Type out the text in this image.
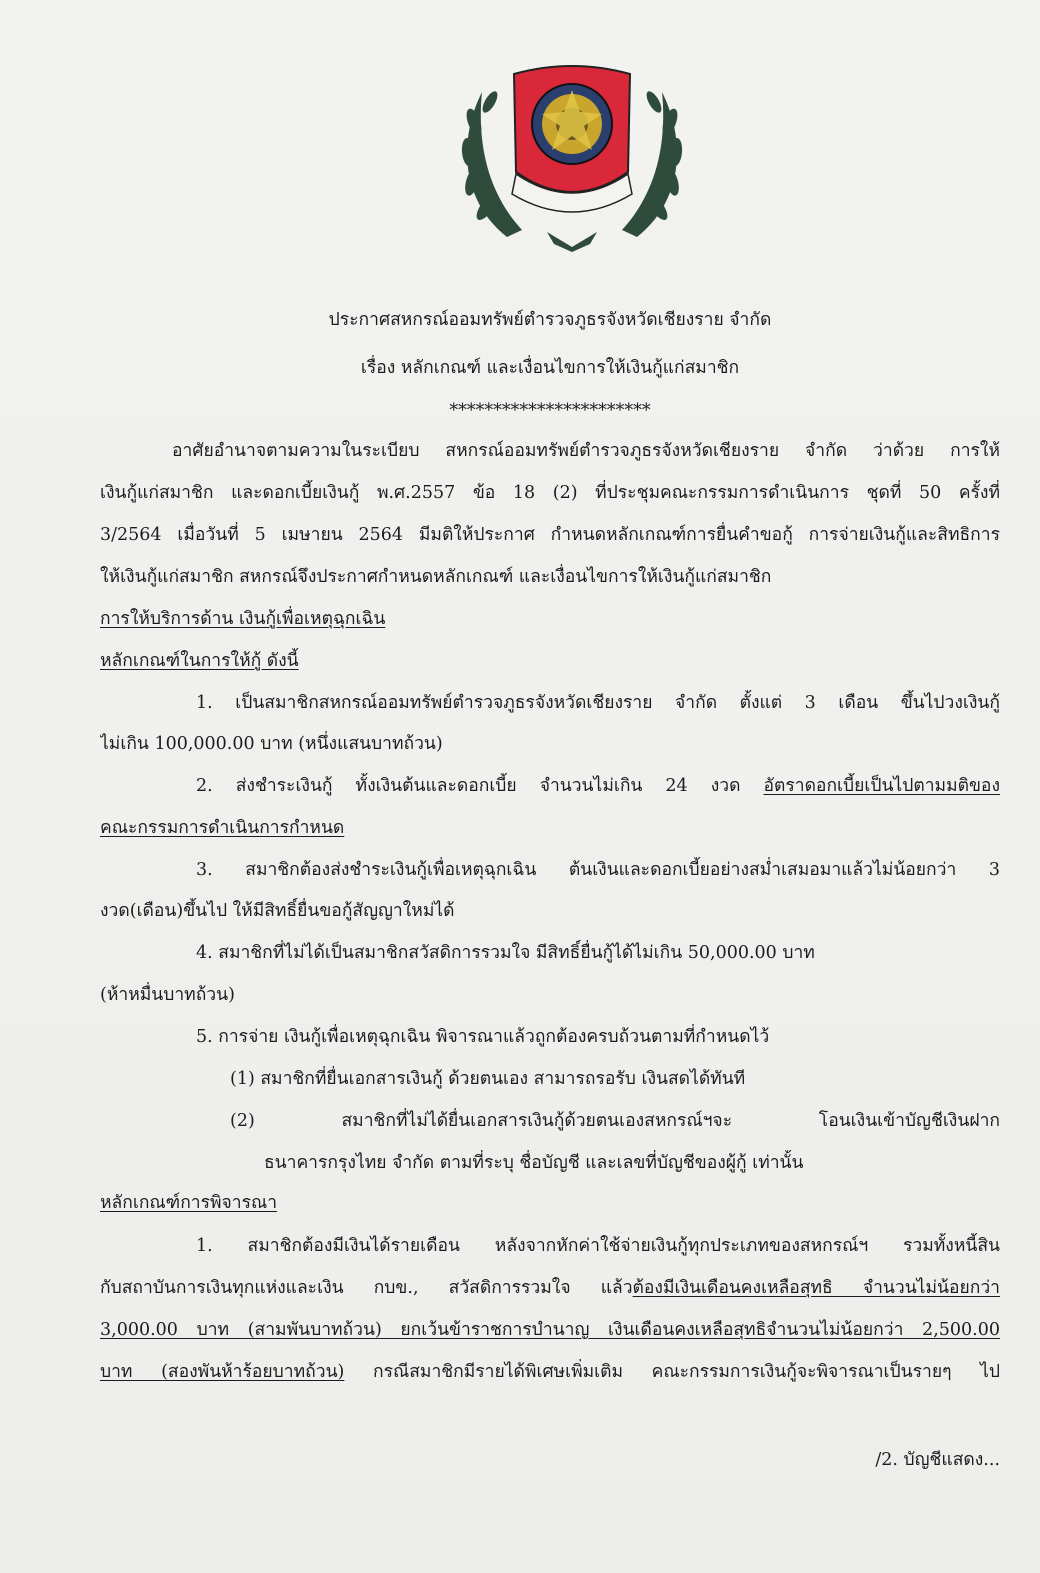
ประกาศสหกรณ์ออมทรัพย์ตำรวจภูธรจังหวัดเชียงราย จำกัด
เรื่อง หลักเกณฑ์ และเงื่อนไขการให้เงินกู้แก่สมาชิก
***********************
อาศัยอำนาจตามความในระเบียบ สหกรณ์ออมทรัพย์ตำรวจภูธรจังหวัดเชียงราย จำกัด ว่าด้วย การให้
เงินกู้แก่สมาชิก และดอกเบี้ยเงินกู้ พ.ศ.2557 ข้อ 18 (2) ที่ประชุมคณะกรรมการดำเนินการ ชุดที่ 50 ครั้งที่
3/2564 เมื่อวันที่ 5 เมษายน 2564 มีมติให้ประกาศ กำหนดหลักเกณฑ์การยื่นคำขอกู้ การจ่ายเงินกู้และสิทธิการ
ให้เงินกู้แก่สมาชิก สหกรณ์จึงประกาศกำหนดหลักเกณฑ์ และเงื่อนไขการให้เงินกู้แก่สมาชิก
การให้บริการด้าน เงินกู้เพื่อเหตุฉุกเฉิน
หลักเกณฑ์ในการให้กู้ ดังนี้
1. เป็นสมาชิกสหกรณ์ออมทรัพย์ตำรวจภูธรจังหวัดเชียงราย จำกัด ตั้งแต่ 3 เดือน ขึ้นไปวงเงินกู้
ไม่เกิน 100,000.00 บาท (หนึ่งแสนบาทถ้วน)
2. ส่งชำระเงินกู้ ทั้งเงินต้นและดอกเบี้ย จำนวนไม่เกิน 24 งวด อัตราดอกเบี้ยเป็นไปตามมติของ
คณะกรรมการดำเนินการกำหนด
3. สมาชิกต้องส่งชำระเงินกู้เพื่อเหตุฉุกเฉิน ต้นเงินและดอกเบี้ยอย่างสม่ำเสมอมาแล้วไม่น้อยกว่า 3
งวด(เดือน)ขึ้นไป ให้มีสิทธิ์ยื่นขอกู้สัญญาใหม่ได้
4. สมาชิกที่ไม่ได้เป็นสมาชิกสวัสดิการรวมใจ มีสิทธิ์ยื่นกู้ได้ไม่เกิน 50,000.00 บาท
(ห้าหมื่นบาทถ้วน)
5. การจ่าย เงินกู้เพื่อเหตุฉุกเฉิน พิจารณาแล้วถูกต้องครบถ้วนตามที่กำหนดไว้
(1) สมาชิกที่ยื่นเอกสารเงินกู้ ด้วยตนเอง สามารถรอรับ เงินสดได้ทันที
(2) สมาชิกที่ไม่ได้ยื่นเอกสารเงินกู้ด้วยตนเองสหกรณ์ฯจะ โอนเงินเข้าบัญชีเงินฝาก
ธนาคารกรุงไทย จำกัด ตามที่ระบุ ชื่อบัญชี และเลขที่บัญชีของผู้กู้ เท่านั้น
หลักเกณฑ์การพิจารณา
1. สมาชิกต้องมีเงินได้รายเดือน หลังจากหักค่าใช้จ่ายเงินกู้ทุกประเภทของสหกรณ์ฯ รวมทั้งหนี้สิน
กับสถาบันการเงินทุกแห่งและเงิน กบข., สวัสดิการรวมใจ แล้วต้องมีเงินเดือนคงเหลือสุทธิ จำนวนไม่น้อยกว่า
3,000.00 บาท (สามพันบาทถ้วน) ยกเว้นข้าราชการบำนาญ เงินเดือนคงเหลือสุทธิจำนวนไม่น้อยกว่า 2,500.00
บาท (สองพันห้าร้อยบาทถ้วน) กรณีสมาชิกมีรายได้พิเศษเพิ่มเติม คณะกรรมการเงินกู้จะพิจารณาเป็นรายๆ ไป
/2. บัญชีแสดง...
